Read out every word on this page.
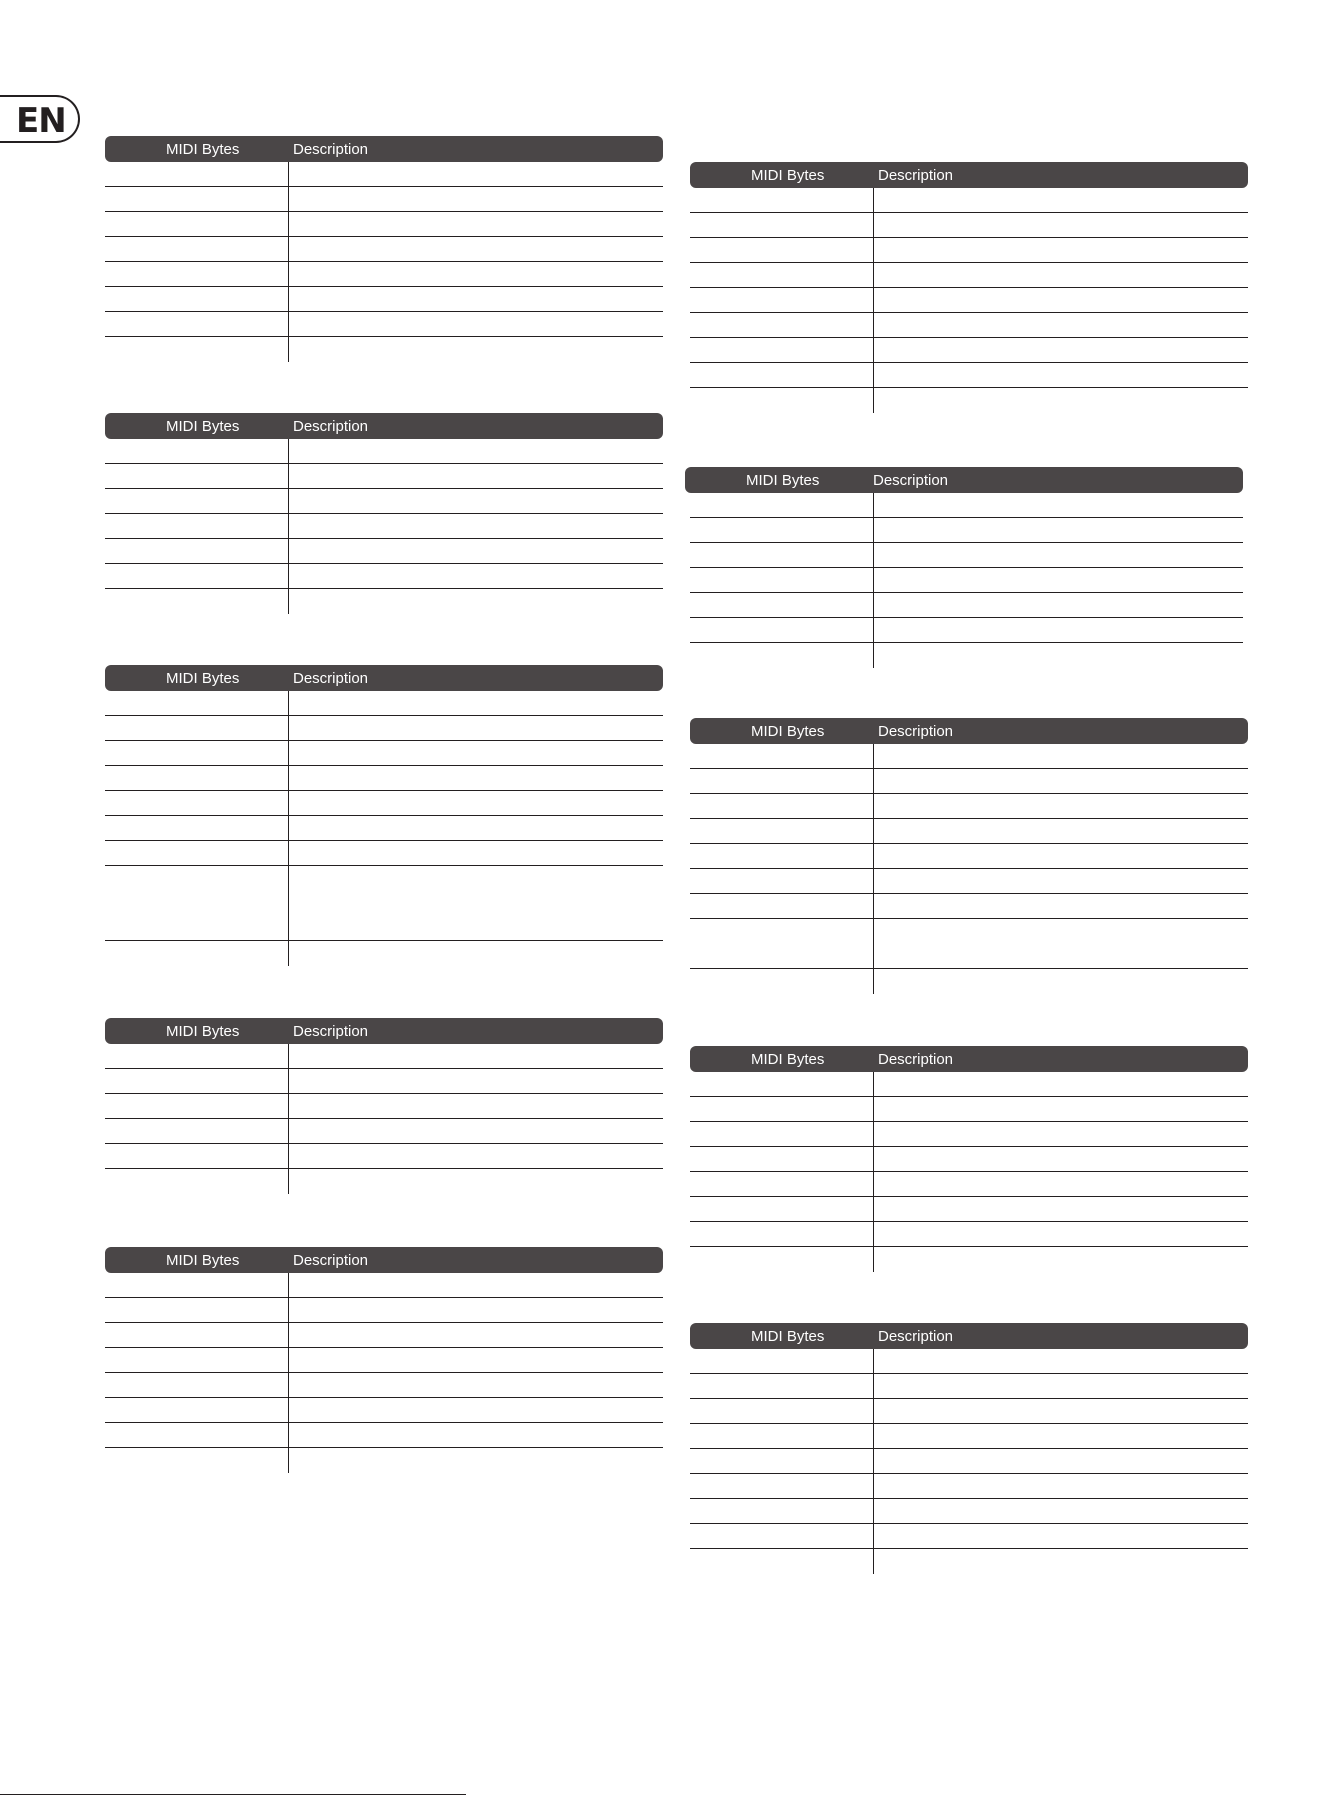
EN
MIDI Bytes	Description
MIDI Bytes	Description
MIDI Bytes	Description
MIDI Bytes	Description
MIDI Bytes	Description
MIDI Bytes	Description
MIDI Bytes	Description
MIDI Bytes	Description
MIDI Bytes	Description
MIDI Bytes	Description
